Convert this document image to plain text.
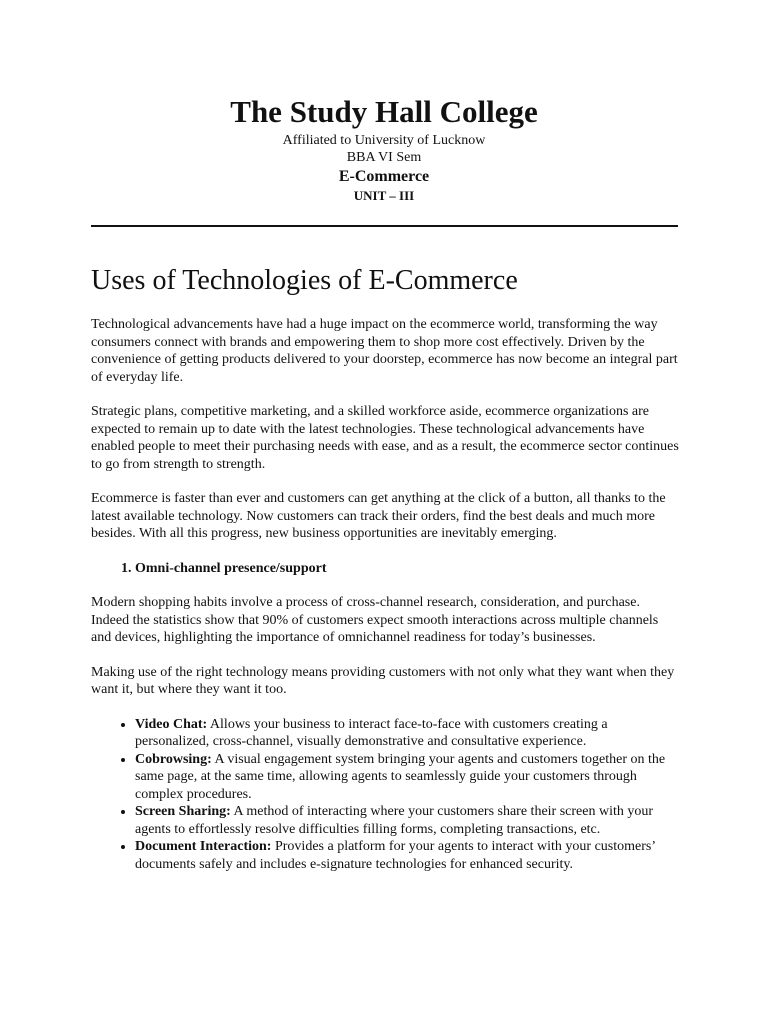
The Study Hall College
Affiliated to University of Lucknow
BBA VI Sem
E-Commerce
UNIT – III
Uses of Technologies of E-Commerce

Technological advancements have had a huge impact on the ecommerce world, transforming the way consumers connect with brands and empowering them to shop more cost effectively. Driven by the convenience of getting products delivered to your doorstep, ecommerce has now become an integral part of everyday life.

Strategic plans, competitive marketing, and a skilled workforce aside, ecommerce organizations are expected to remain up to date with the latest technologies. These technological advancements have enabled people to meet their purchasing needs with ease, and as a result, the ecommerce sector continues to go from strength to strength.

Ecommerce is faster than ever and customers can get anything at the click of a button, all thanks to the latest available technology. Now customers can track their orders, find the best deals and much more besides. With all this progress, new business opportunities are inevitably emerging.

1. Omni-channel presence/support

Modern shopping habits involve a process of cross-channel research, consideration, and purchase. Indeed the statistics show that 90% of customers expect smooth interactions across multiple channels and devices, highlighting the importance of omnichannel readiness for today’s businesses.

Making use of the right technology means providing customers with not only what they want when they want it, but where they want it too.

• Video Chat: Allows your business to interact face-to-face with customers creating a personalized, cross-channel, visually demonstrative and consultative experience.
• Cobrowsing: A visual engagement system bringing your agents and customers together on the same page, at the same time, allowing agents to seamlessly guide your customers through complex procedures.
• Screen Sharing: A method of interacting where your customers share their screen with your agents to effortlessly resolve difficulties filling forms, completing transactions, etc.
• Document Interaction: Provides a platform for your agents to interact with your customers’ documents safely and includes e-signature technologies for enhanced security.
